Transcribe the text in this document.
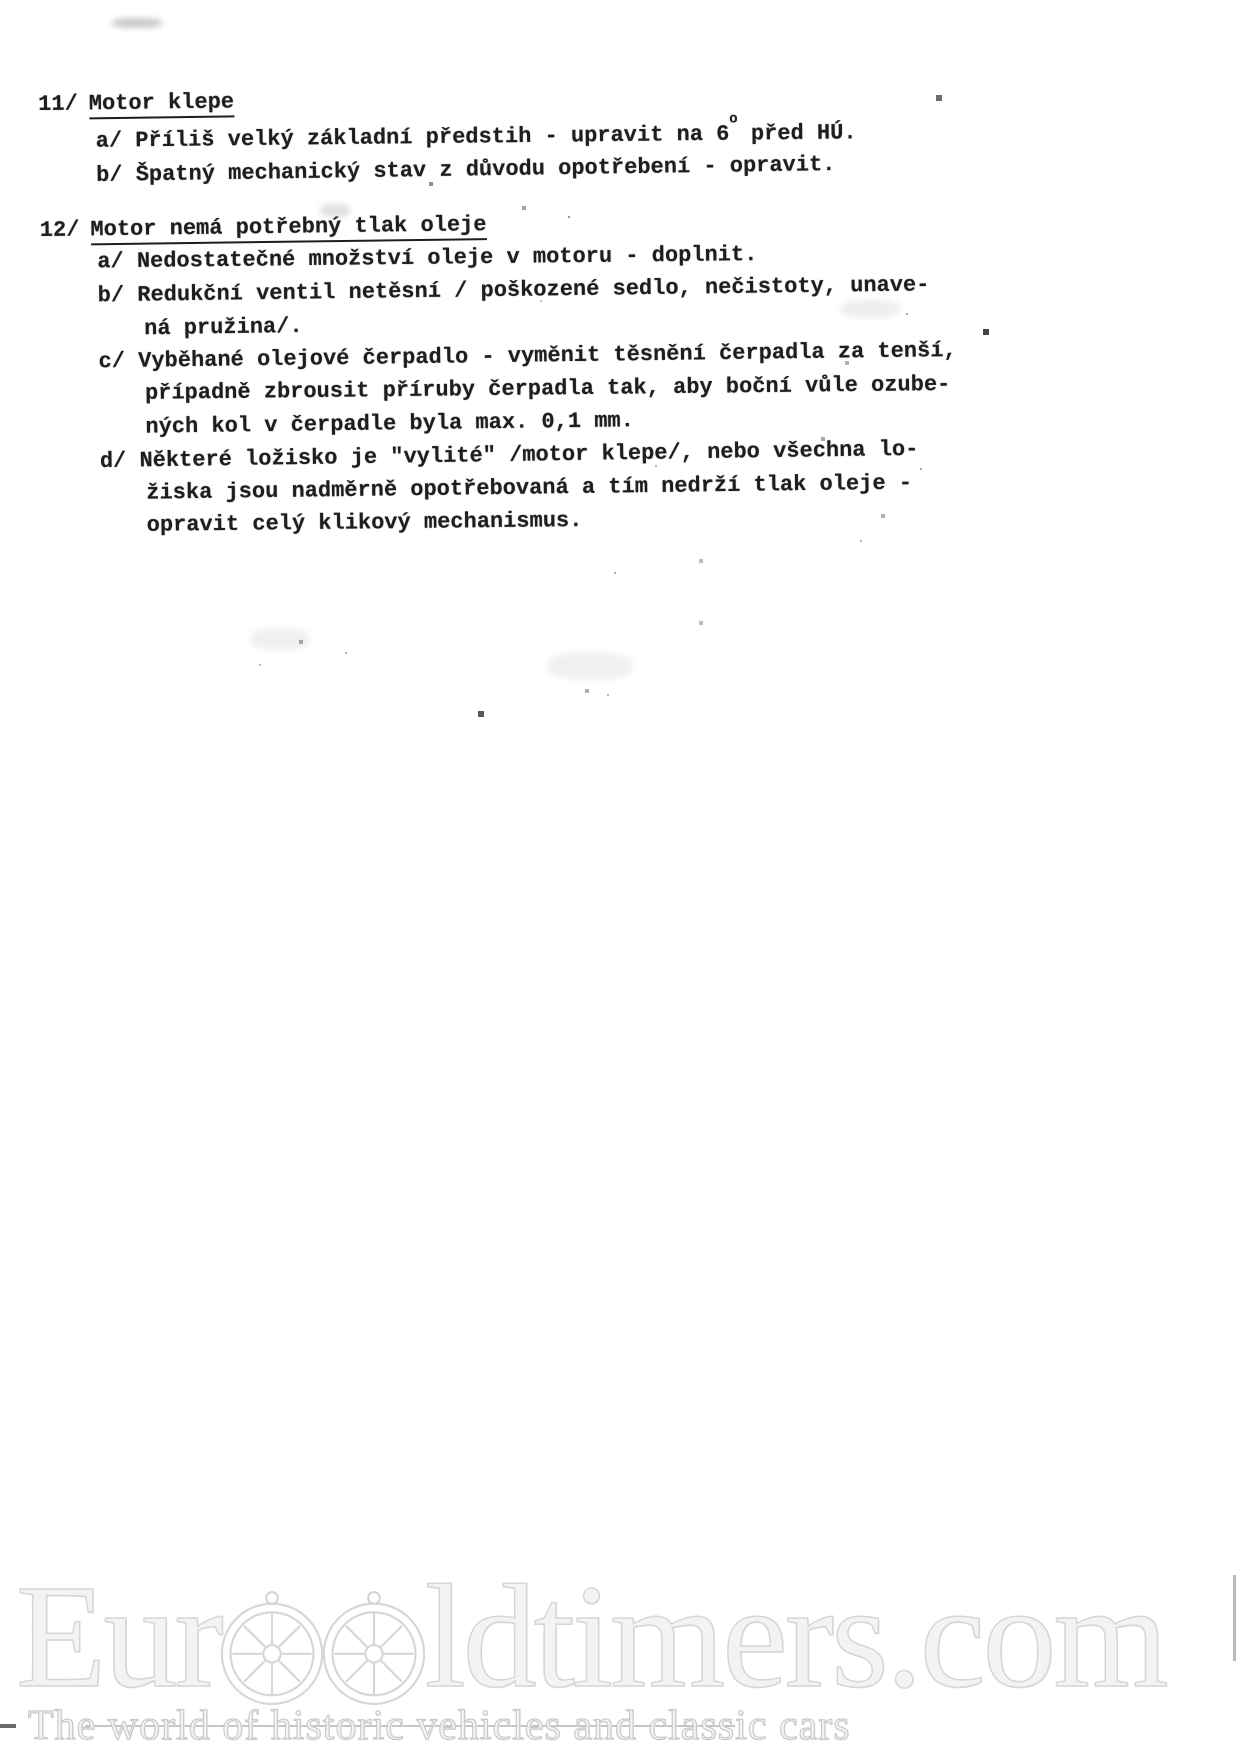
11/ Motor klepe
a/ Příliš velký základní předstih - upravit na 6$^o$ před HÚ.
b/ Špatný mechanický stav z důvodu opotřebení - opravit.
12/ Motor nemá potřebný tlak oleje
a/ Nedostatečné množství oleje v motoru - doplnit.
b/ Redukční ventil netěsní / poškozené sedlo, nečistoty, unave-
ná pružina/.
c/ Vyběhané olejové čerpadlo - vyměnit těsnění čerpadla za tenší,
případně zbrousit příruby čerpadla tak, aby boční vůle ozube-
ných kol v čerpadle byla max. 0,1 mm.
d/ Některé ložisko je "vylité" /motor klepe/, nebo všechna lo-
žiska jsou nadměrně opotřebovaná a tím nedrží tlak oleje -
opravit celý klikový mechanismus.
Eur ldtimers.com
The world of historic vehicles and classic cars
